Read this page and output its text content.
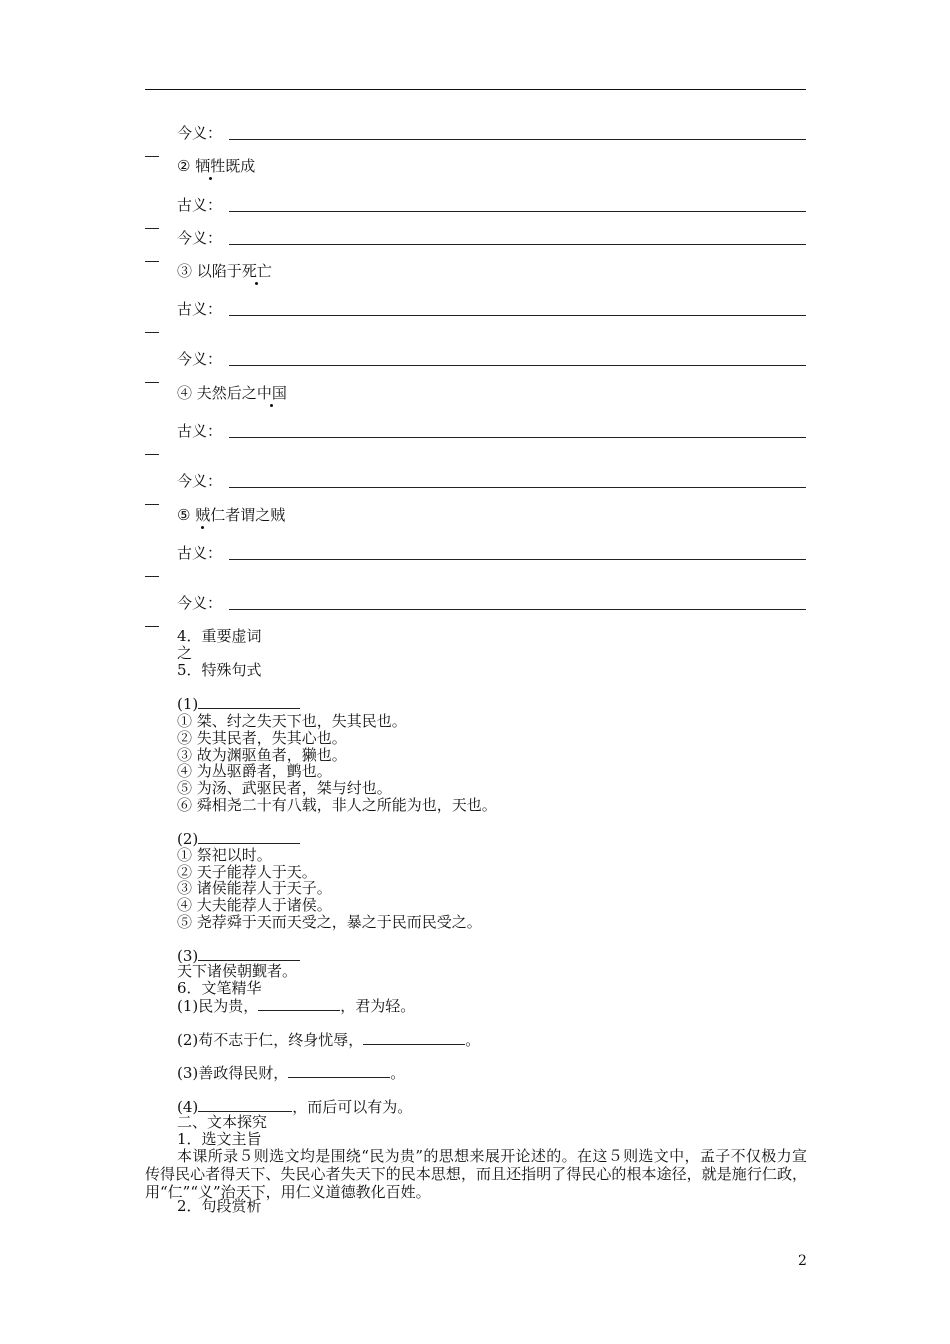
今义：
② 牺牲既成
古义：
今义：
③ 以陷于死亡
古义：
今义：
④ 夫然后之中国
古义：
今义：
⑤ 贼仁者谓之贼
古义：
今义：
4．重要虚词
之
5．特殊句式
(1)
① 桀、纣之失天下也，失其民也。
② 失其民者，失其心也。
③ 故为渊驱鱼者，獭也。
④ 为丛驱爵者，鹯也。
⑤ 为汤、武驱民者，桀与纣也。
⑥ 舜相尧二十有八载，非人之所能为也，天也。
(2)
① 祭祀以时。
② 天子能荐人于天。
③ 诸侯能荐人于天子。
④ 大夫能荐人于诸侯。
⑤ 尧荐舜于天而天受之，暴之于民而民受之。
(3)
天下诸侯朝觐者。
6．文笔精华
(1)民为贵，	，君为轻。
(2)苟不志于仁，终身忧辱，	。
(3)善政得民财，	。
(4)	，而后可以有为。
二、文本探究
1．选文主旨
本课所录５则选文均是围绕“民为贵”的思想来展开论述的。在这５则选文中，孟子不仅极力宣传得民心者得天下、失民心者失天下的民本思想，而且还指明了得民心的根本途径，就是施行仁政，用“仁”“义”治天下，用仁义道德教化百姓。
2．句段赏析
2
